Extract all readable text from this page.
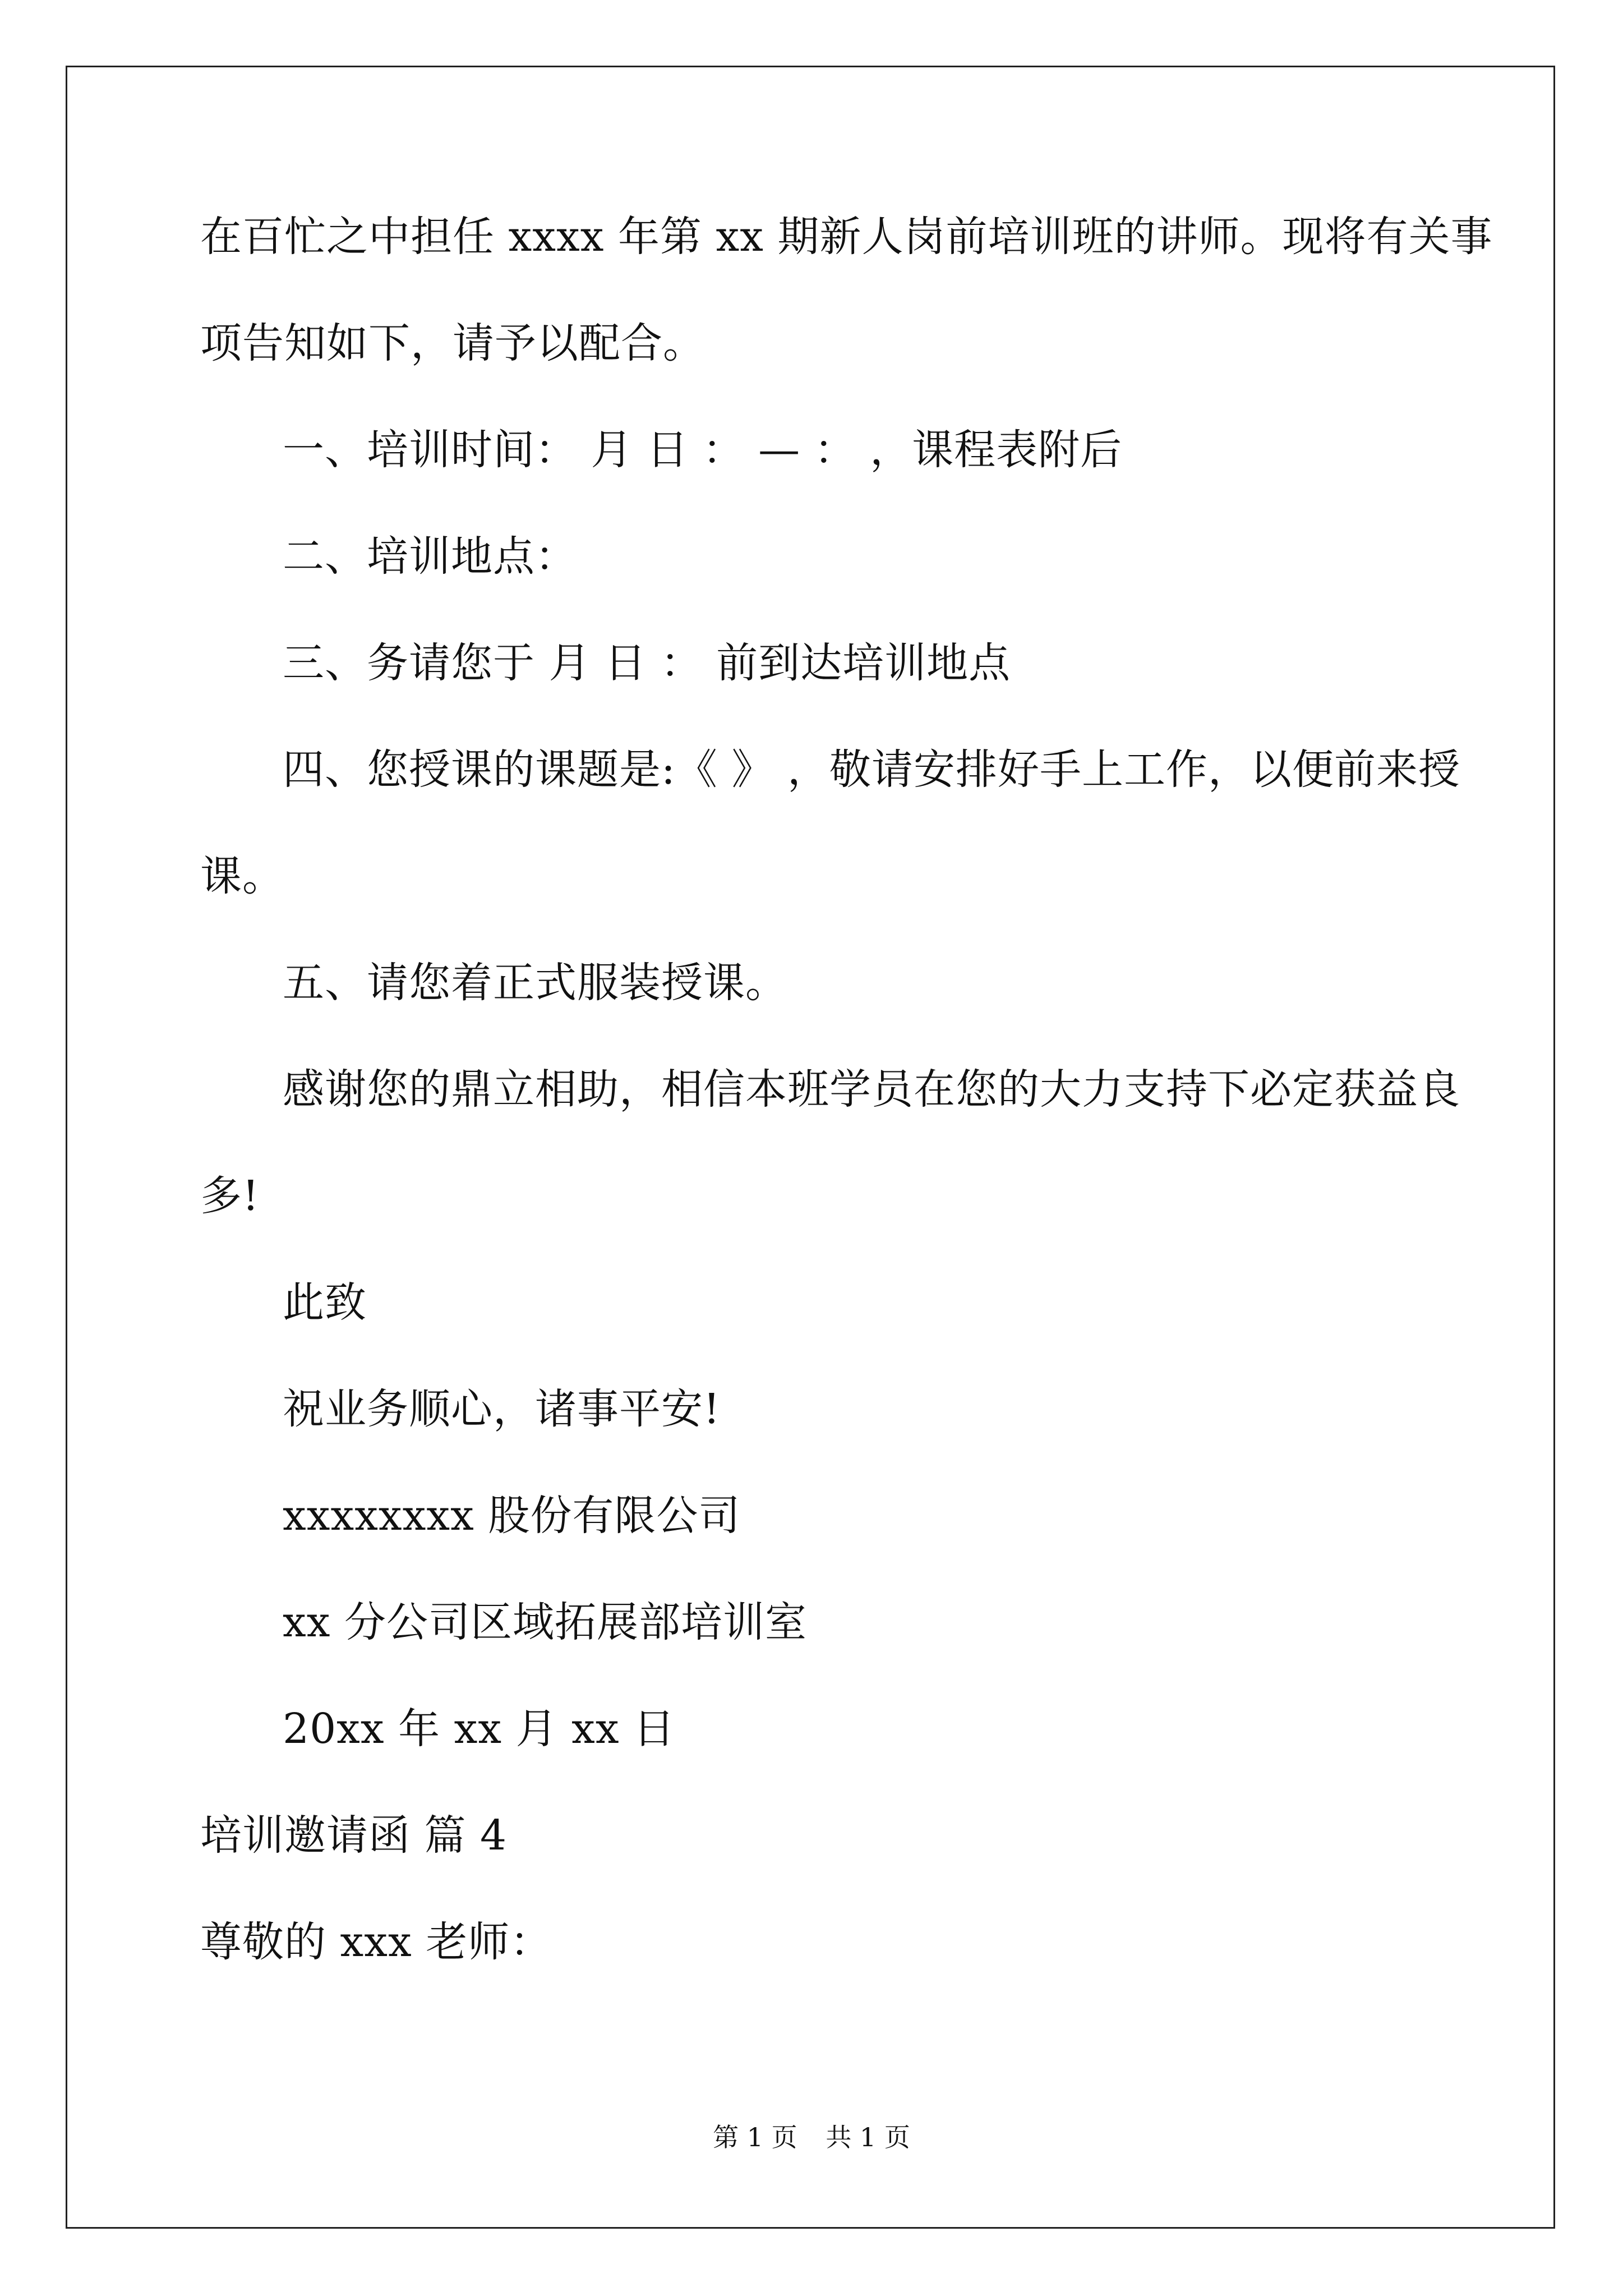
在百忙之中担任 xxxx 年第 xx 期新人岗前培训班的讲师。现将有关事
项告知如下，请予以配合。
一、培训时间： 月 日 ： — ： ，课程表附后
二、培训地点：
三、务请您于 月 日 ： 前到达培训地点
四、您授课的课题是:《 》 ，敬请安排好手上工作，以便前来授
课。
五、请您着正式服装授课。
感谢您的鼎立相助，相信本班学员在您的大力支持下必定获益良
多!
此致
祝业务顺心，诸事平安!
xxxxxxxx 股份有限公司
xx 分公司区域拓展部培训室
20xx 年 xx 月 xx 日
培训邀请函 篇 4
尊敬的 xxx 老师：
第 1 页 共 1 页
